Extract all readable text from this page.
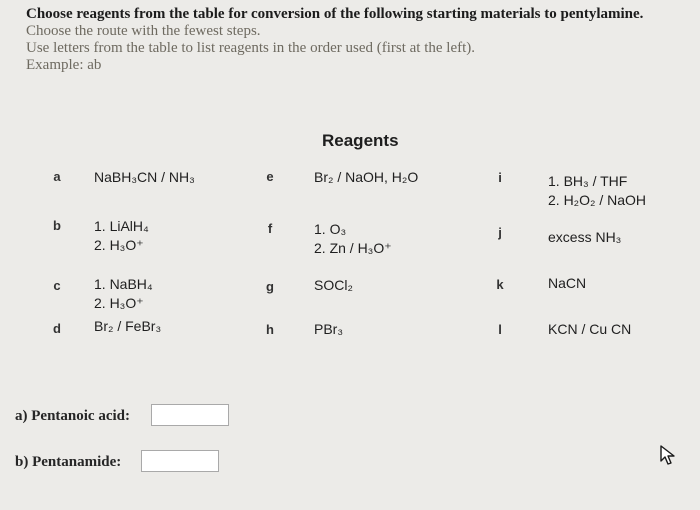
Choose reagents from the table for conversion of the following starting materials to pentylamine.
Choose the route with the fewest steps.
Use letters from the table to list reagents in the order used (first at the left).
Example: ab
Reagents
a NaBH₃CN / NH₃
b 1. LiAlH₄
2. H₃O⁺
c 1. NaBH₄
2. H₃O⁺
d Br₂ / FeBr₃
e	Br₂ / NaOH, H₂O
f	1. O₃
2. Zn / H₃O⁺
g	SOCl₂
h	PBr₃
i	1. BH₃ / THF
2. H₂O₂ / NaOH
j	excess NH₃
k	NaCN
l	KCN / Cu CN
a) Pentanoic acid:
b) Pentanamide:
